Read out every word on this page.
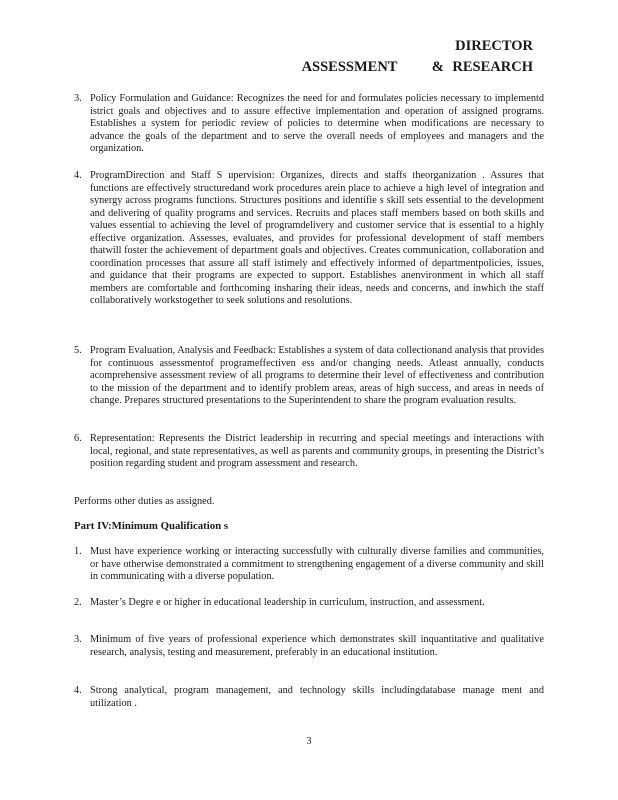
DIRECTOR
ASSESSMENT    & RESEARCH
3. Policy Formulation and Guidance: Recognizes the need for and formulates policies necessary to implementd istrict goals and objectives and to assure effective implementation and operation of assigned programs. Establishes a system for periodic review of policies to determine when modifications are necessary to advance the goals of the department and to serve the overall needs of employees and managers and the organization.
4. ProgramDirection and Staff S upervision: Organizes, directs and staffs theorganization . Assures that functions are effectively structuredand work procedures arein place to achieve a high level of integration and synergy across programs functions. Structures positions and identifie s skill sets essential to the development and delivering of quality programs and services. Recruits and places staff members based on both skills and values essential to achieving the level of programdelivery and customer service that is essential to a highly effective organization. Assesses, evaluates, and provides for professional development of staff members thatwill foster the achievement of department goals and objectives. Creates communication, collaboration and coordination processes that assure all staff istimely and effectively informed of departmentpolicies, issues, and guidance that their programs are expected to support. Establishes anenvironment in which all staff members are comfortable and forthcoming insharing their ideas, needs and concerns, and inwhich the staff collaboratively workstogether to seek solutions and resolutions.
5. Program Evaluation, Analysis and Feedback: Establishes a system of data collectionand analysis that provides for continuous assessmentof programeffectiven ess and/or changing needs. Atleast annually, conducts acomprehensive assessment review of all programs to determine their level of effectiveness and contribution to the mission of the department and to identify problem areas, areas of high success, and areas in needs of change. Prepares structured presentations to the Superintendent to share the program evaluation results.
6. Representation: Represents the District leadership in recurring and special meetings and interactions with local, regional, and state representatives, as well as parents and community groups, in presenting the District’s position regarding student and program assessment and research.
Performs other duties as assigned.
Part IV:Minimum Qualification s
1. Must have experience working or interacting successfully with culturally diverse families and communities, or have otherwise demonstrated a commitment to strengthening engagement of a diverse community and skill in communicating with a diverse population.
2. Master’s Degre e or higher in educational leadership in curriculum, instruction, and assessment.
3. Minimum of five years of professional experience which demonstrates skill inquantitative and qualitative research, analysis, testing and measurement, preferably in an educational institution.
4. Strong analytical, program management, and technology skills includingdatabase manage ment and utilization .
3
